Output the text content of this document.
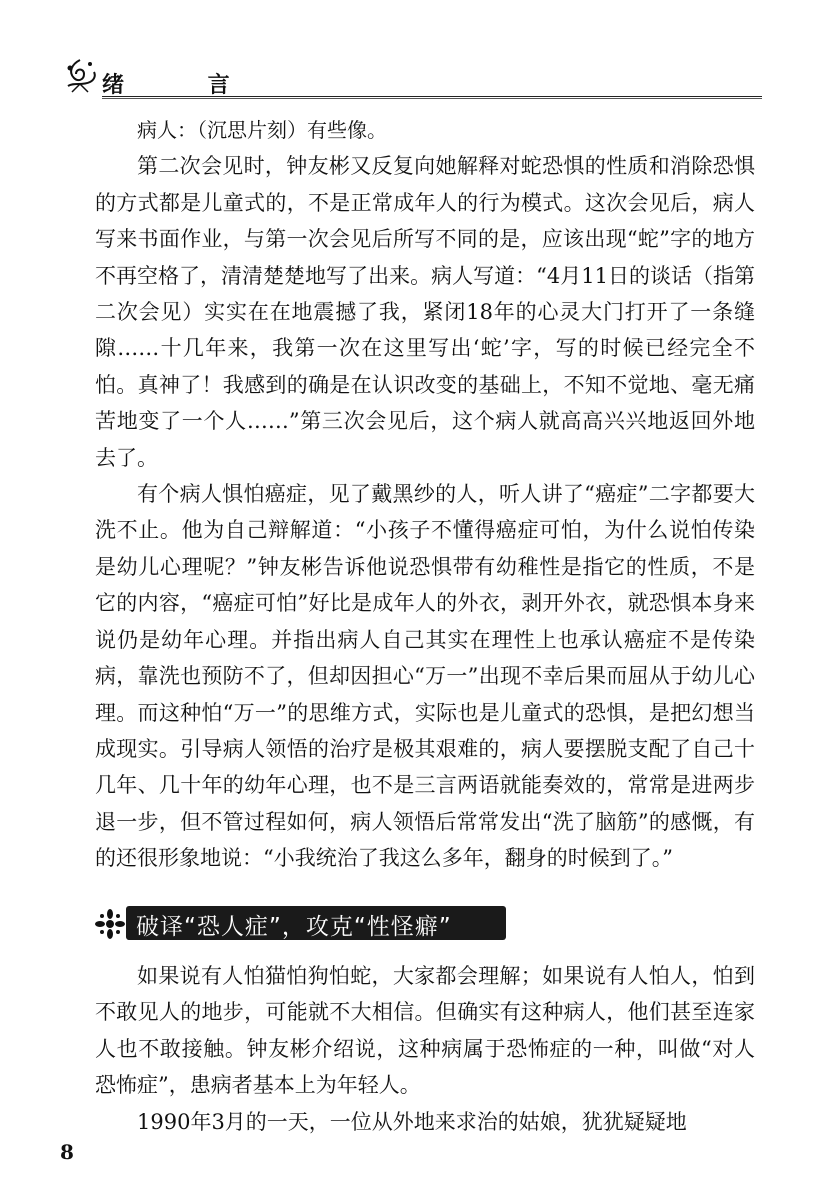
绪 言

病人：（沉思片刻）有些像。

第二次会见时，钟友彬又反复向她解释对蛇恐惧的性质和消除恐惧的方式都是儿童式的，不是正常成年人的行为模式。这次会见后，病人写来书面作业，与第一次会见后所写不同的是，应该出现“蛇”字的地方不再空格了，清清楚楚地写了出来。病人写道：“4月11日的谈话（指第二次会见）实实在在地震撼了我，紧闭18年的心灵大门打开了一条缝隙……十几年来，我第一次在这里写出‘蛇’字，写的时候已经完全不怕。真神了！我感到的确是在认识改变的基础上，不知不觉地、毫无痛苦地变了一个人……”第三次会见后，这个病人就高高兴兴地返回外地去了。

有个病人惧怕癌症，见了戴黑纱的人，听人讲了“癌症”二字都要大洗不止。他为自己辩解道：“小孩子不懂得癌症可怕，为什么说怕传染是幼儿心理呢？”钟友彬告诉他说恐惧带有幼稚性是指它的性质，不是它的内容，“癌症可怕”好比是成年人的外衣，剥开外衣，就恐惧本身来说仍是幼年心理。并指出病人自己其实在理性上也承认癌症不是传染病，靠洗也预防不了，但却因担心“万一”出现不幸后果而屈从于幼儿心理。而这种怕“万一”的思维方式，实际也是儿童式的恐惧，是把幻想当成现实。引导病人领悟的治疗是极其艰难的，病人要摆脱支配了自己十几年、几十年的幼年心理，也不是三言两语就能奏效的，常常是进两步退一步，但不管过程如何，病人领悟后常常发出“洗了脑筋”的感慨，有的还很形象地说：“小我统治了我这么多年，翻身的时候到了。”

破译“恐人症”，攻克“性怪癖”

如果说有人怕猫怕狗怕蛇，大家都会理解；如果说有人怕人，怕到不敢见人的地步，可能就不大相信。但确实有这种病人，他们甚至连家人也不敢接触。钟友彬介绍说，这种病属于恐怖症的一种，叫做“对人恐怖症”，患病者基本上为年轻人。

1990年3月的一天，一位从外地来求治的姑娘，犹犹疑疑地

8
